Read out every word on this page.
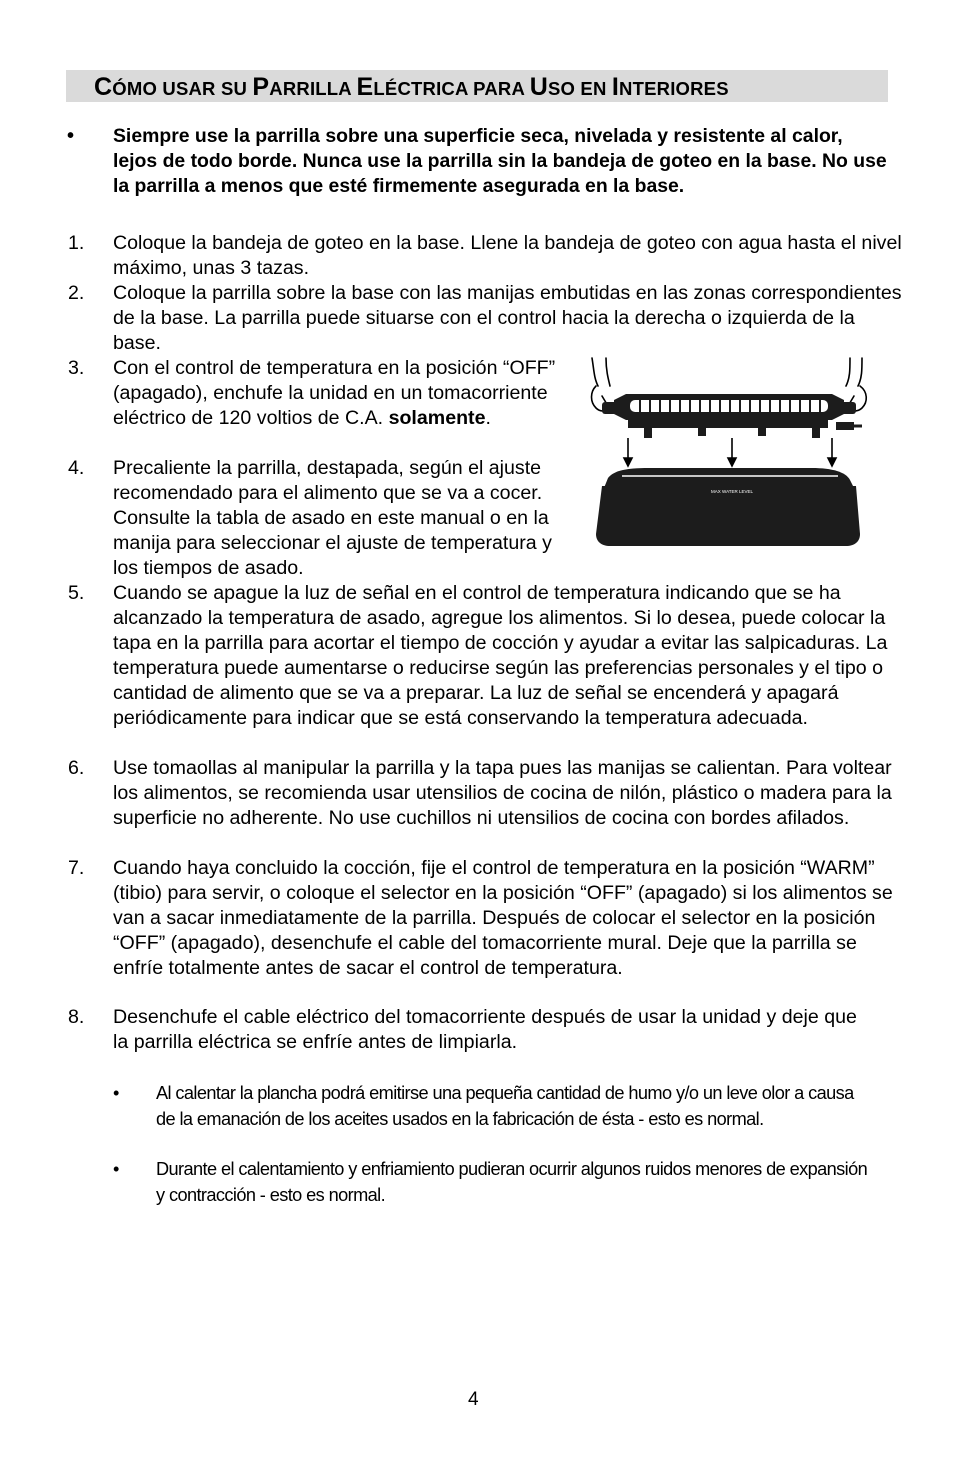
CÓMO USAR SU PARRILLA ELÉCTRICA PARA USO EN INTERIORES
• Siempre use la parrilla sobre una superficie seca, nivelada y resistente al calor, lejos de todo borde. Nunca use la parrilla sin la bandeja de goteo en la base. No use la parrilla a menos que esté firmemente asegurada en la base.
1. Coloque la bandeja de goteo en la base. Llene la bandeja de goteo con agua hasta el nivel máximo, unas 3 tazas.
2. Coloque la parrilla sobre la base con las manijas embutidas en las zonas correspondientes de la base. La parrilla puede situarse con el control hacia la derecha o izquierda de la base.
3. Con el control de temperatura en la posición “OFF” (apagado), enchufe la unidad en un tomacorriente eléctrico de 120 voltios de C.A. solamente.
4. Precaliente la parrilla, destapada, según el ajuste recomendado para el alimento que se va a cocer. Consulte la tabla de asado en este manual o en la manija para seleccionar el ajuste de temperatura y los tiempos de asado.
5. Cuando se apague la luz de señal en el control de temperatura indicando que se ha alcanzado la temperatura de asado, agregue los alimentos. Si lo desea, puede colocar la tapa en la parrilla para acortar el tiempo de cocción y ayudar a evitar las salpicaduras. La temperatura puede aumentarse o reducirse según las preferencias personales y el tipo o cantidad de alimento que se va a preparar. La luz de señal se encenderá y apagará periódicamente para indicar que se está conservando la temperatura adecuada.
6. Use tomaollas al manipular la parrilla y la tapa pues las manijas se calientan. Para voltear los alimentos, se recomienda usar utensilios de cocina de nilón, plástico o madera para la superficie no adherente. No use cuchillos ni utensilios de cocina con bordes afilados.
7. Cuando haya concluido la cocción, fije el control de temperatura en la posición “WARM” (tibio) para servir, o coloque el selector en la posición “OFF” (apagado) si los alimentos se van a sacar inmediatamente de la parrilla. Después de colocar el selector en la posición “OFF” (apagado), desenchufe el cable del tomacorriente mural. Deje que la parrilla se enfríe totalmente antes de sacar el control de temperatura.
8. Desenchufe el cable eléctrico del tomacorriente después de usar la unidad y deje que la parrilla eléctrica se enfríe antes de limpiarla.
• Al calentar la plancha podrá emitirse una pequeña cantidad de humo y/o un leve olor a causa de la emanación de los aceites usados en la fabricación de ésta - esto es normal.
• Durante el calentamiento y enfriamiento pudieran ocurrir algunos ruidos menores de expansión y contracción - esto es normal.
MAX WATER LEVEL
4
